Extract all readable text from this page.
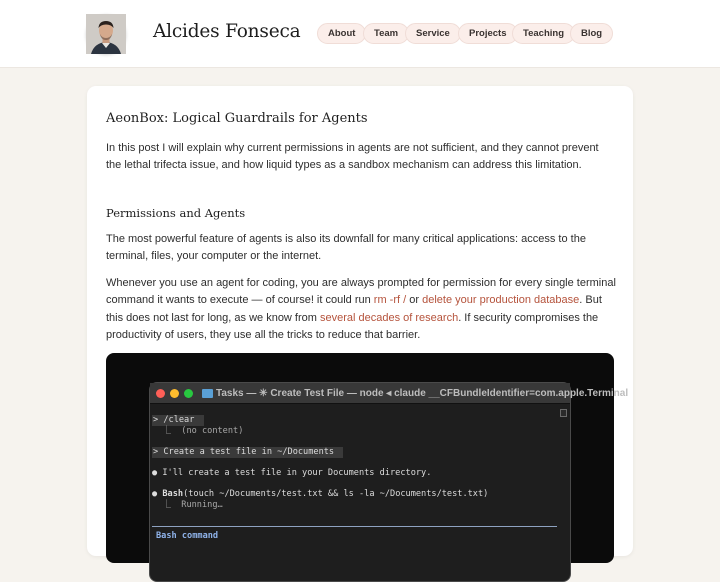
Alcides Fonseca	About	Team	Service	Projects	Teaching	Blog
AeonBox: Logical Guardrails for Agents

In this post I will explain why current permissions in agents are not sufficient, and they cannot prevent the lethal trifecta issue, and how liquid types as a sandbox mechanism can address this limitation.

Permissions and Agents

The most powerful feature of agents is also its downfall for many critical applications: access to the terminal, files, your computer or the internet.

Whenever you use an agent for coding, you are always prompted for permission for every single terminal command it wants to execute — of course! it could run rm -rf / or delete your production database. But this does not last for long, as we know from several decades of research. If security compromises the productivity of users, they use all the tricks to reduce that barrier.

Tasks — ✳ Create Test File — node ◂ claude __CFBundleIdentifier=com.apple.Terminal
> /clear
⎿  (no content)
> Create a test file in ~/Documents
● I'll create a test file in your Documents directory.
● Bash(touch ~/Documents/test.txt && ls -la ~/Documents/test.txt)
⎿  Running…
Bash command
